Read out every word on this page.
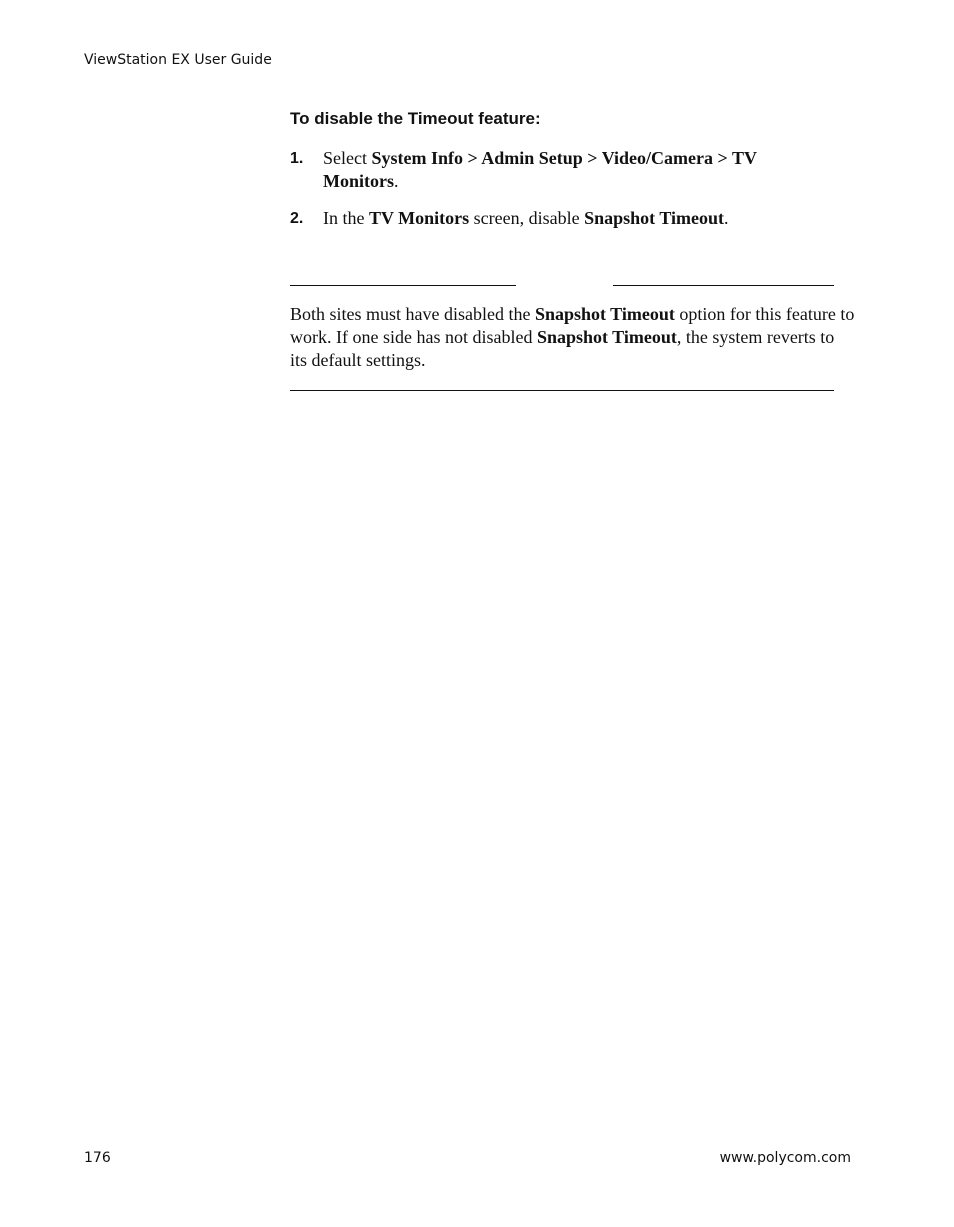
ViewStation EX User Guide
To disable the Timeout feature:
1. Select System Info > Admin Setup > Video/Camera > TV Monitors.
2. In the TV Monitors screen, disable Snapshot Timeout.
Both sites must have disabled the Snapshot Timeout option for this feature to work. If one side has not disabled Snapshot Timeout, the system reverts to its default settings.
176	www.polycom.com
